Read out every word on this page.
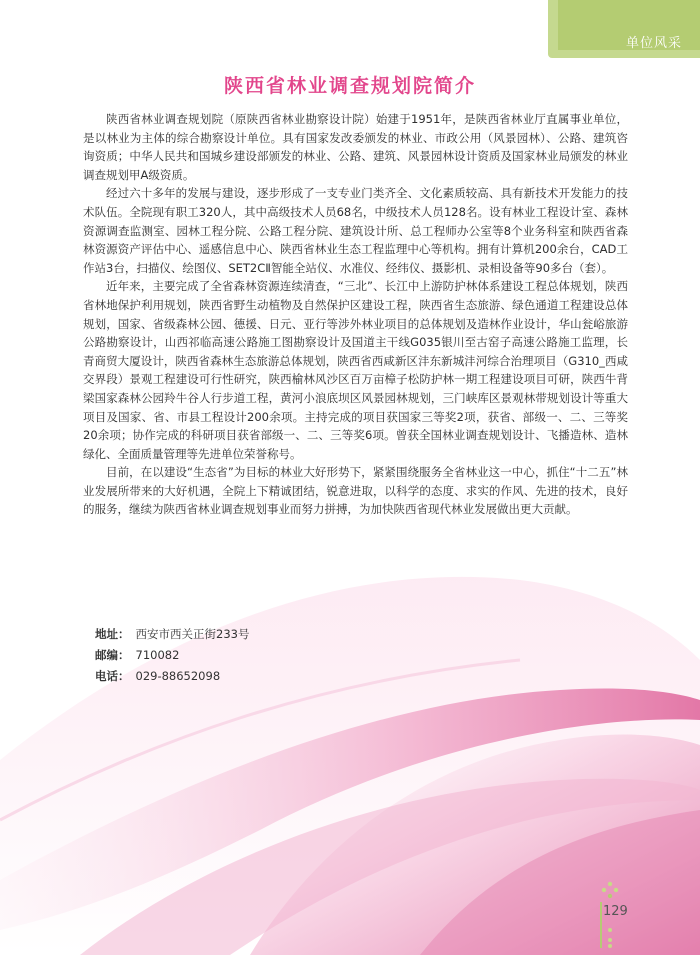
单位风采
陕西省林业调查规划院简介

陕西省林业调查规划院（原陕西省林业勘察设计院）始建于1951年，是陕西省林业厅直属事业单位，是以林业为主体的综合勘察设计单位。具有国家发改委颁发的林业、市政公用（风景园林）、公路、建筑咨询资质；中华人民共和国城乡建设部颁发的林业、公路、建筑、风景园林设计资质及国家林业局颁发的林业调查规划甲A级资质。

经过六十多年的发展与建设，逐步形成了一支专业门类齐全、文化素质较高、具有新技术开发能力的技术队伍。全院现有职工320人，其中高级技术人员68名，中级技术人员128名。设有林业工程设计室、森林资源调查监测室、园林工程分院、公路工程分院、建筑设计所、总工程师办公室等8个业务科室和陕西省森林资源资产评估中心、遥感信息中心、陕西省林业生态工程监理中心等机构。拥有计算机200余台，CAD工作站3台，扫描仪、绘图仪、SET2CⅡ智能全站仪、水准仪、经纬仪、摄影机、录相设备等90多台（套）。

近年来，主要完成了全省森林资源连续清查，“三北”、长江中上游防护林体系建设工程总体规划，陕西省林地保护利用规划，陕西省野生动植物及自然保护区建设工程，陕西省生态旅游、绿色通道工程建设总体规划，国家、省级森林公园、德援、日元、亚行等涉外林业项目的总体规划及造林作业设计，华山瓮峪旅游公路勘察设计，山西祁临高速公路施工图勘察设计及国道主干线G035银川至古窑子高速公路施工监理，长青商贸大厦设计，陕西省森林生态旅游总体规划，陕西省西咸新区沣东新城沣河综合治理项目（G310_西咸交界段）景观工程建设可行性研究，陕西榆林风沙区百万亩樟子松防护林一期工程建设项目可研，陕西牛背梁国家森林公园羚牛谷人行步道工程，黄河小浪底坝区风景园林规划，三门峡库区景观林带规划设计等重大项目及国家、省、市县工程设计200余项。主持完成的项目获国家三等奖2项，获省、部级一、二、三等奖20余项；协作完成的科研项目获省部级一、二、三等奖6项。曾获全国林业调查规划设计、飞播造林、造林绿化、全面质量管理等先进单位荣誉称号。

目前，在以建设“生态省”为目标的林业大好形势下，紧紧围绕服务全省林业这一中心，抓住“十二五”林业发展所带来的大好机遇，全院上下精诚团结，锐意进取，以科学的态度、求实的作风、先进的技术，良好的服务，继续为陕西省林业调查规划事业而努力拼搏，为加快陕西省现代林业发展做出更大贡献。

地址： 西安市西关正街233号
邮编： 710082
电话： 029-88652098
129
